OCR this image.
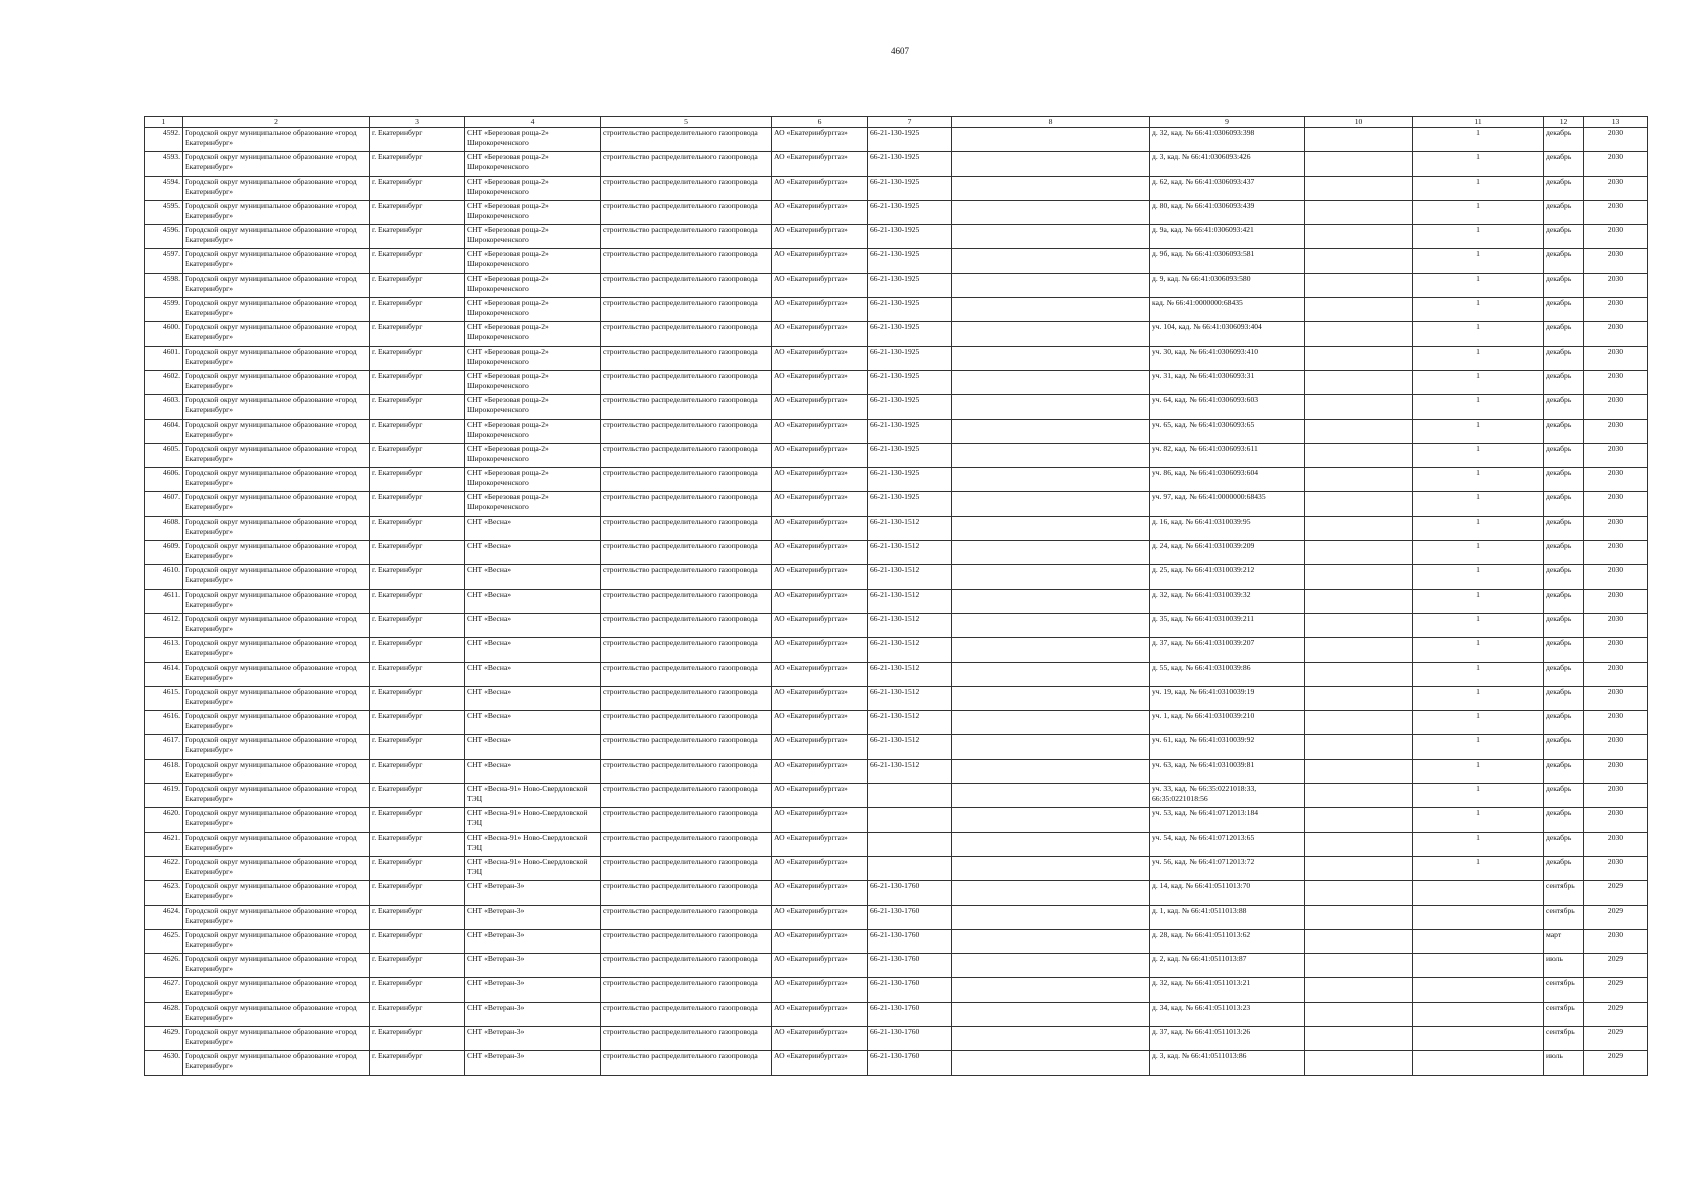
4607
1	2	3	4	5	6	7	8	9	10	11	12	13
4592.	Городской округ муниципальное образование «город Екатеринбург»	г. Екатеринбург	СНТ «Березовая роща-2» Широкореченского	строительство распределительного газопровода	АО «Екатеринбурггаз»	66-21-130-1925		д. 32, кад. № 66:41:0306093:398		1	декабрь	2030
4593.	Городской округ муниципальное образование «город Екатеринбург»	г. Екатеринбург	СНТ «Березовая роща-2» Широкореченского	строительство распределительного газопровода	АО «Екатеринбурггаз»	66-21-130-1925		д. 3, кад. № 66:41:0306093:426		1	декабрь	2030
4594.	Городской округ муниципальное образование «город Екатеринбург»	г. Екатеринбург	СНТ «Березовая роща-2» Широкореченского	строительство распределительного газопровода	АО «Екатеринбурггаз»	66-21-130-1925		д. 62, кад. № 66:41:0306093:437		1	декабрь	2030
4595.	Городской округ муниципальное образование «город Екатеринбург»	г. Екатеринбург	СНТ «Березовая роща-2» Широкореченского	строительство распределительного газопровода	АО «Екатеринбурггаз»	66-21-130-1925		д. 80, кад. № 66:41:0306093:439		1	декабрь	2030
4596.	Городской округ муниципальное образование «город Екатеринбург»	г. Екатеринбург	СНТ «Березовая роща-2» Широкореченского	строительство распределительного газопровода	АО «Екатеринбурггаз»	66-21-130-1925		д. 9а, кад. № 66:41:0306093:421		1	декабрь	2030
4597.	Городской округ муниципальное образование «город Екатеринбург»	г. Екатеринбург	СНТ «Березовая роща-2» Широкореченского	строительство распределительного газопровода	АО «Екатеринбурггаз»	66-21-130-1925		д. 9б, кад. № 66:41:0306093:581		1	декабрь	2030
4598.	Городской округ муниципальное образование «город Екатеринбург»	г. Екатеринбург	СНТ «Березовая роща-2» Широкореченского	строительство распределительного газопровода	АО «Екатеринбурггаз»	66-21-130-1925		д. 9, кад. № 66:41:0306093:580		1	декабрь	2030
4599.	Городской округ муниципальное образование «город Екатеринбург»	г. Екатеринбург	СНТ «Березовая роща-2» Широкореченского	строительство распределительного газопровода	АО «Екатеринбурггаз»	66-21-130-1925		кад. № 66:41:0000000:68435		1	декабрь	2030
4600.	Городской округ муниципальное образование «город Екатеринбург»	г. Екатеринбург	СНТ «Березовая роща-2» Широкореченского	строительство распределительного газопровода	АО «Екатеринбурггаз»	66-21-130-1925		уч. 104, кад. № 66:41:0306093:404		1	декабрь	2030
4601.	Городской округ муниципальное образование «город Екатеринбург»	г. Екатеринбург	СНТ «Березовая роща-2» Широкореченского	строительство распределительного газопровода	АО «Екатеринбурггаз»	66-21-130-1925		уч. 30, кад. № 66:41:0306093:410		1	декабрь	2030
4602.	Городской округ муниципальное образование «город Екатеринбург»	г. Екатеринбург	СНТ «Березовая роща-2» Широкореченского	строительство распределительного газопровода	АО «Екатеринбурггаз»	66-21-130-1925		уч. 31, кад. № 66:41:0306093:31		1	декабрь	2030
4603.	Городской округ муниципальное образование «город Екатеринбург»	г. Екатеринбург	СНТ «Березовая роща-2» Широкореченского	строительство распределительного газопровода	АО «Екатеринбурггаз»	66-21-130-1925		уч. 64, кад. № 66:41:0306093:603		1	декабрь	2030
4604.	Городской округ муниципальное образование «город Екатеринбург»	г. Екатеринбург	СНТ «Березовая роща-2» Широкореченского	строительство распределительного газопровода	АО «Екатеринбурггаз»	66-21-130-1925		уч. 65, кад. № 66:41:0306093:65		1	декабрь	2030
4605.	Городской округ муниципальное образование «город Екатеринбург»	г. Екатеринбург	СНТ «Березовая роща-2» Широкореченского	строительство распределительного газопровода	АО «Екатеринбурггаз»	66-21-130-1925		уч. 82, кад. № 66:41:0306093:611		1	декабрь	2030
4606.	Городской округ муниципальное образование «город Екатеринбург»	г. Екатеринбург	СНТ «Березовая роща-2» Широкореченского	строительство распределительного газопровода	АО «Екатеринбурггаз»	66-21-130-1925		уч. 86, кад. № 66:41:0306093:604		1	декабрь	2030
4607.	Городской округ муниципальное образование «город Екатеринбург»	г. Екатеринбург	СНТ «Березовая роща-2» Широкореченского	строительство распределительного газопровода	АО «Екатеринбурггаз»	66-21-130-1925		уч. 97, кад. № 66:41:0000000:68435		1	декабрь	2030
4608.	Городской округ муниципальное образование «город Екатеринбург»	г. Екатеринбург	СНТ «Весна»	строительство распределительного газопровода	АО «Екатеринбурггаз»	66-21-130-1512		д. 16, кад. № 66:41:0310039:95		1	декабрь	2030
4609.	Городской округ муниципальное образование «город Екатеринбург»	г. Екатеринбург	СНТ «Весна»	строительство распределительного газопровода	АО «Екатеринбурггаз»	66-21-130-1512		д. 24, кад. № 66:41:0310039:209		1	декабрь	2030
4610.	Городской округ муниципальное образование «город Екатеринбург»	г. Екатеринбург	СНТ «Весна»	строительство распределительного газопровода	АО «Екатеринбурггаз»	66-21-130-1512		д. 25, кад. № 66:41:0310039:212		1	декабрь	2030
4611.	Городской округ муниципальное образование «город Екатеринбург»	г. Екатеринбург	СНТ «Весна»	строительство распределительного газопровода	АО «Екатеринбурггаз»	66-21-130-1512		д. 32, кад. № 66:41:0310039:32		1	декабрь	2030
4612.	Городской округ муниципальное образование «город Екатеринбург»	г. Екатеринбург	СНТ «Весна»	строительство распределительного газопровода	АО «Екатеринбурггаз»	66-21-130-1512		д. 35, кад. № 66:41:0310039:211		1	декабрь	2030
4613.	Городской округ муниципальное образование «город Екатеринбург»	г. Екатеринбург	СНТ «Весна»	строительство распределительного газопровода	АО «Екатеринбурггаз»	66-21-130-1512		д. 37, кад. № 66:41:0310039:207		1	декабрь	2030
4614.	Городской округ муниципальное образование «город Екатеринбург»	г. Екатеринбург	СНТ «Весна»	строительство распределительного газопровода	АО «Екатеринбурггаз»	66-21-130-1512		д. 55, кад. № 66:41:0310039:86		1	декабрь	2030
4615.	Городской округ муниципальное образование «город Екатеринбург»	г. Екатеринбург	СНТ «Весна»	строительство распределительного газопровода	АО «Екатеринбурггаз»	66-21-130-1512		уч. 19, кад. № 66:41:0310039:19		1	декабрь	2030
4616.	Городской округ муниципальное образование «город Екатеринбург»	г. Екатеринбург	СНТ «Весна»	строительство распределительного газопровода	АО «Екатеринбурггаз»	66-21-130-1512		уч. 1, кад. № 66:41:0310039:210		1	декабрь	2030
4617.	Городской округ муниципальное образование «город Екатеринбург»	г. Екатеринбург	СНТ «Весна»	строительство распределительного газопровода	АО «Екатеринбурггаз»	66-21-130-1512		уч. 61, кад. № 66:41:0310039:92		1	декабрь	2030
4618.	Городской округ муниципальное образование «город Екатеринбург»	г. Екатеринбург	СНТ «Весна»	строительство распределительного газопровода	АО «Екатеринбурггаз»	66-21-130-1512		уч. 63, кад. № 66:41:0310039:81		1	декабрь	2030
4619.	Городской округ муниципальное образование «город Екатеринбург»	г. Екатеринбург	СНТ «Весна-91» Ново-Свердловской ТЭЦ	строительство распределительного газопровода	АО «Екатеринбурггаз»			уч. 33, кад. № 66:35:0221018:33, 66:35:0221018:56		1	декабрь	2030
4620.	Городской округ муниципальное образование «город Екатеринбург»	г. Екатеринбург	СНТ «Весна-91» Ново-Свердловской ТЭЦ	строительство распределительного газопровода	АО «Екатеринбурггаз»			уч. 53, кад. № 66:41:0712013:184		1	декабрь	2030
4621.	Городской округ муниципальное образование «город Екатеринбург»	г. Екатеринбург	СНТ «Весна-91» Ново-Свердловской ТЭЦ	строительство распределительного газопровода	АО «Екатеринбурггаз»			уч. 54, кад. № 66:41:0712013:65		1	декабрь	2030
4622.	Городской округ муниципальное образование «город Екатеринбург»	г. Екатеринбург	СНТ «Весна-91» Ново-Свердловской ТЭЦ	строительство распределительного газопровода	АО «Екатеринбурггаз»			уч. 56, кад. № 66:41:0712013:72		1	декабрь	2030
4623.	Городской округ муниципальное образование «город Екатеринбург»	г. Екатеринбург	СНТ «Ветеран-3»	строительство распределительного газопровода	АО «Екатеринбурггаз»	66-21-130-1760		д. 14, кад. № 66:41:0511013:70			сентябрь	2029
4624.	Городской округ муниципальное образование «город Екатеринбург»	г. Екатеринбург	СНТ «Ветеран-3»	строительство распределительного газопровода	АО «Екатеринбурггаз»	66-21-130-1760		д. 1, кад. № 66:41:0511013:88			сентябрь	2029
4625.	Городской округ муниципальное образование «город Екатеринбург»	г. Екатеринбург	СНТ «Ветеран-3»	строительство распределительного газопровода	АО «Екатеринбурггаз»	66-21-130-1760		д. 28, кад. № 66:41:0511013:62			март	2030
4626.	Городской округ муниципальное образование «город Екатеринбург»	г. Екатеринбург	СНТ «Ветеран-3»	строительство распределительного газопровода	АО «Екатеринбурггаз»	66-21-130-1760		д. 2, кад. № 66:41:0511013:87			июль	2029
4627.	Городской округ муниципальное образование «город Екатеринбург»	г. Екатеринбург	СНТ «Ветеран-3»	строительство распределительного газопровода	АО «Екатеринбурггаз»	66-21-130-1760		д. 32, кад. № 66:41:0511013:21			сентябрь	2029
4628.	Городской округ муниципальное образование «город Екатеринбург»	г. Екатеринбург	СНТ «Ветеран-3»	строительство распределительного газопровода	АО «Екатеринбурггаз»	66-21-130-1760		д. 34, кад. № 66:41:0511013:23			сентябрь	2029
4629.	Городской округ муниципальное образование «город Екатеринбург»	г. Екатеринбург	СНТ «Ветеран-3»	строительство распределительного газопровода	АО «Екатеринбурггаз»	66-21-130-1760		д. 37, кад. № 66:41:0511013:26			сентябрь	2029
4630.	Городской округ муниципальное образование «город Екатеринбург»	г. Екатеринбург	СНТ «Ветеран-3»	строительство распределительного газопровода	АО «Екатеринбурггаз»	66-21-130-1760		д. 3, кад. № 66:41:0511013:86			июль	2029
